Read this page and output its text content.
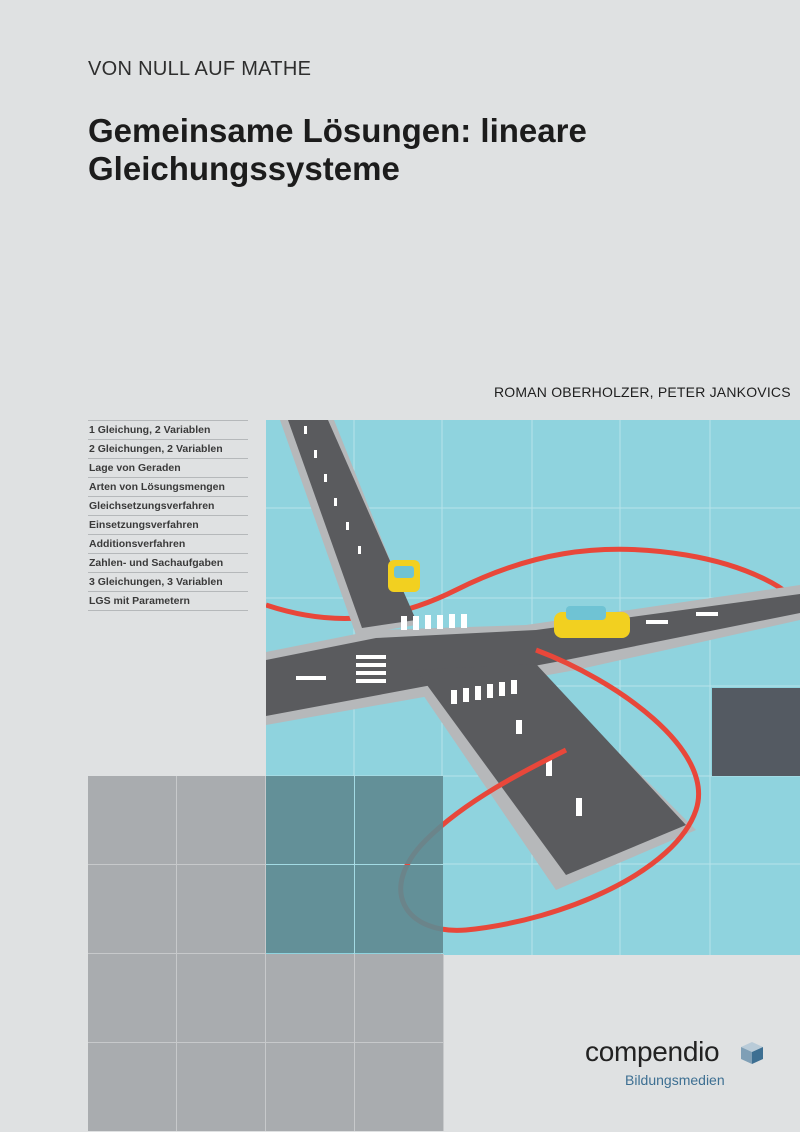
VON NULL AUF MATHE
Gemeinsame Lösungen: lineare Gleichungssysteme
ROMAN OBERHOLZER, PETER JANKOVICS
1 Gleichung, 2 Variablen
2 Gleichungen, 2 Variablen
Lage von Geraden
Arten von Lösungsmengen
Gleichsetzungsverfahren
Einsetzungsverfahren
Additionsverfahren
Zahlen- und Sachaufgaben
3 Gleichungen, 3 Variablen
LGS mit Parametern
compendio
Bildungsmedien
